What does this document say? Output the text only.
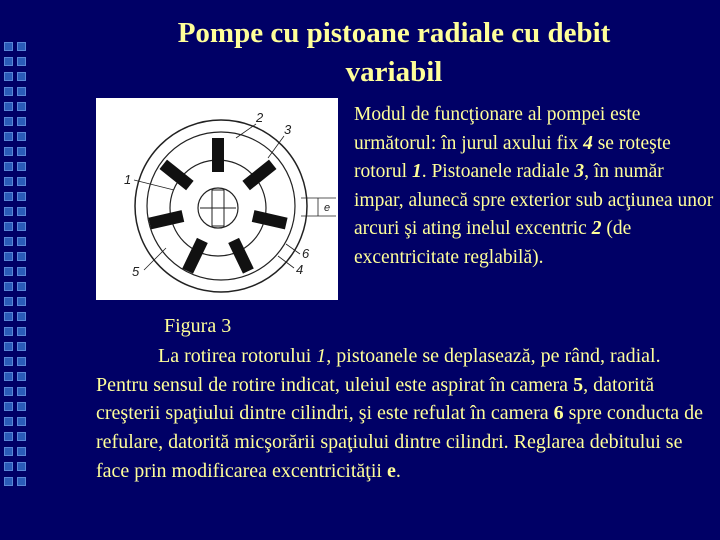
Pompe cu pistoane radiale cu debit
variabil
1
2
3
4
5
6
e
Modul de funcţionare al pompei este următorul: în jurul axului fix 4 se roteşte rotorul 1. Pistoanele radiale 3, în număr impar, alunecă spre exterior sub acţiunea unor arcuri şi ating inelul excentric 2 (de excentricitate reglabilă).
Figura 3
La rotirea rotorului 1, pistoanele se deplasează, pe rând, radial. Pentru sensul de rotire indicat, uleiul este aspirat în camera 5, datorită creşterii spaţiului dintre cilindri, şi este refulat în camera 6 spre conducta de refulare, datorită micşorării spaţiului dintre cilindri. Reglarea debitului se face prin modificarea excentricităţii e.
